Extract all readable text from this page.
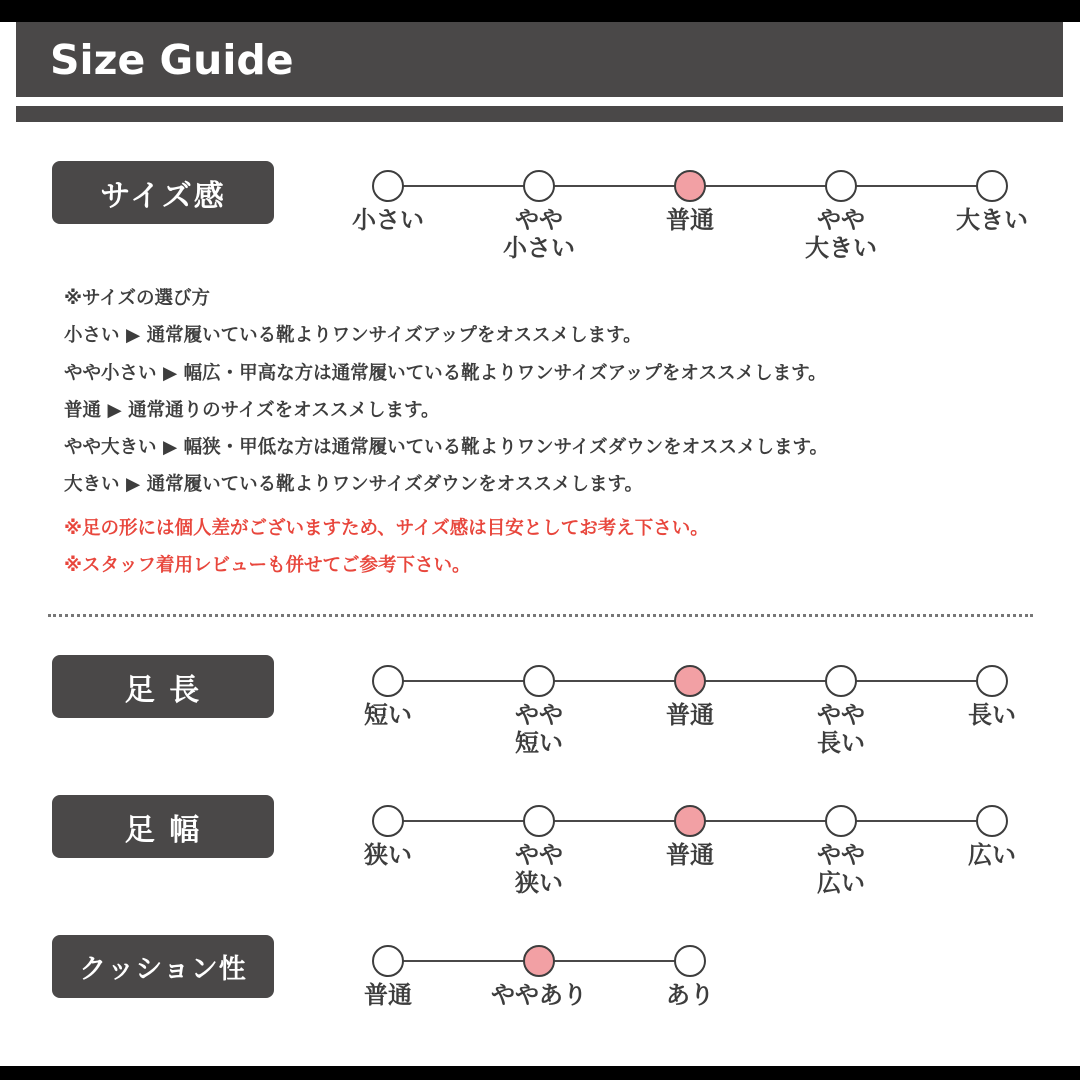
Size Guide
サイズ感
※サイズの選び方
小さい ▶ 通常履いている靴よりワンサイズアップをオススメします。
やや小さい ▶ 幅広・甲高な方は通常履いている靴よりワンサイズアップをオススメします。
普通 ▶ 通常通りのサイズをオススメします。
やや大きい ▶ 幅狭・甲低な方は通常履いている靴よりワンサイズダウンをオススメします。
大きい ▶ 通常履いている靴よりワンサイズダウンをオススメします。
※足の形には個人差がございますため、サイズ感は目安としてお考え下さい。
※スタッフ着用レビューも併せてご参考下さい。
足 長
足 幅
クッション性
小さい	やや
小さい
普通	やや
大きい
大きい
短い	やや
短い
普通	やや
長い
長い
狭い	やや
狭い
普通	やや
広い
広い
普通	ややあり	あり
